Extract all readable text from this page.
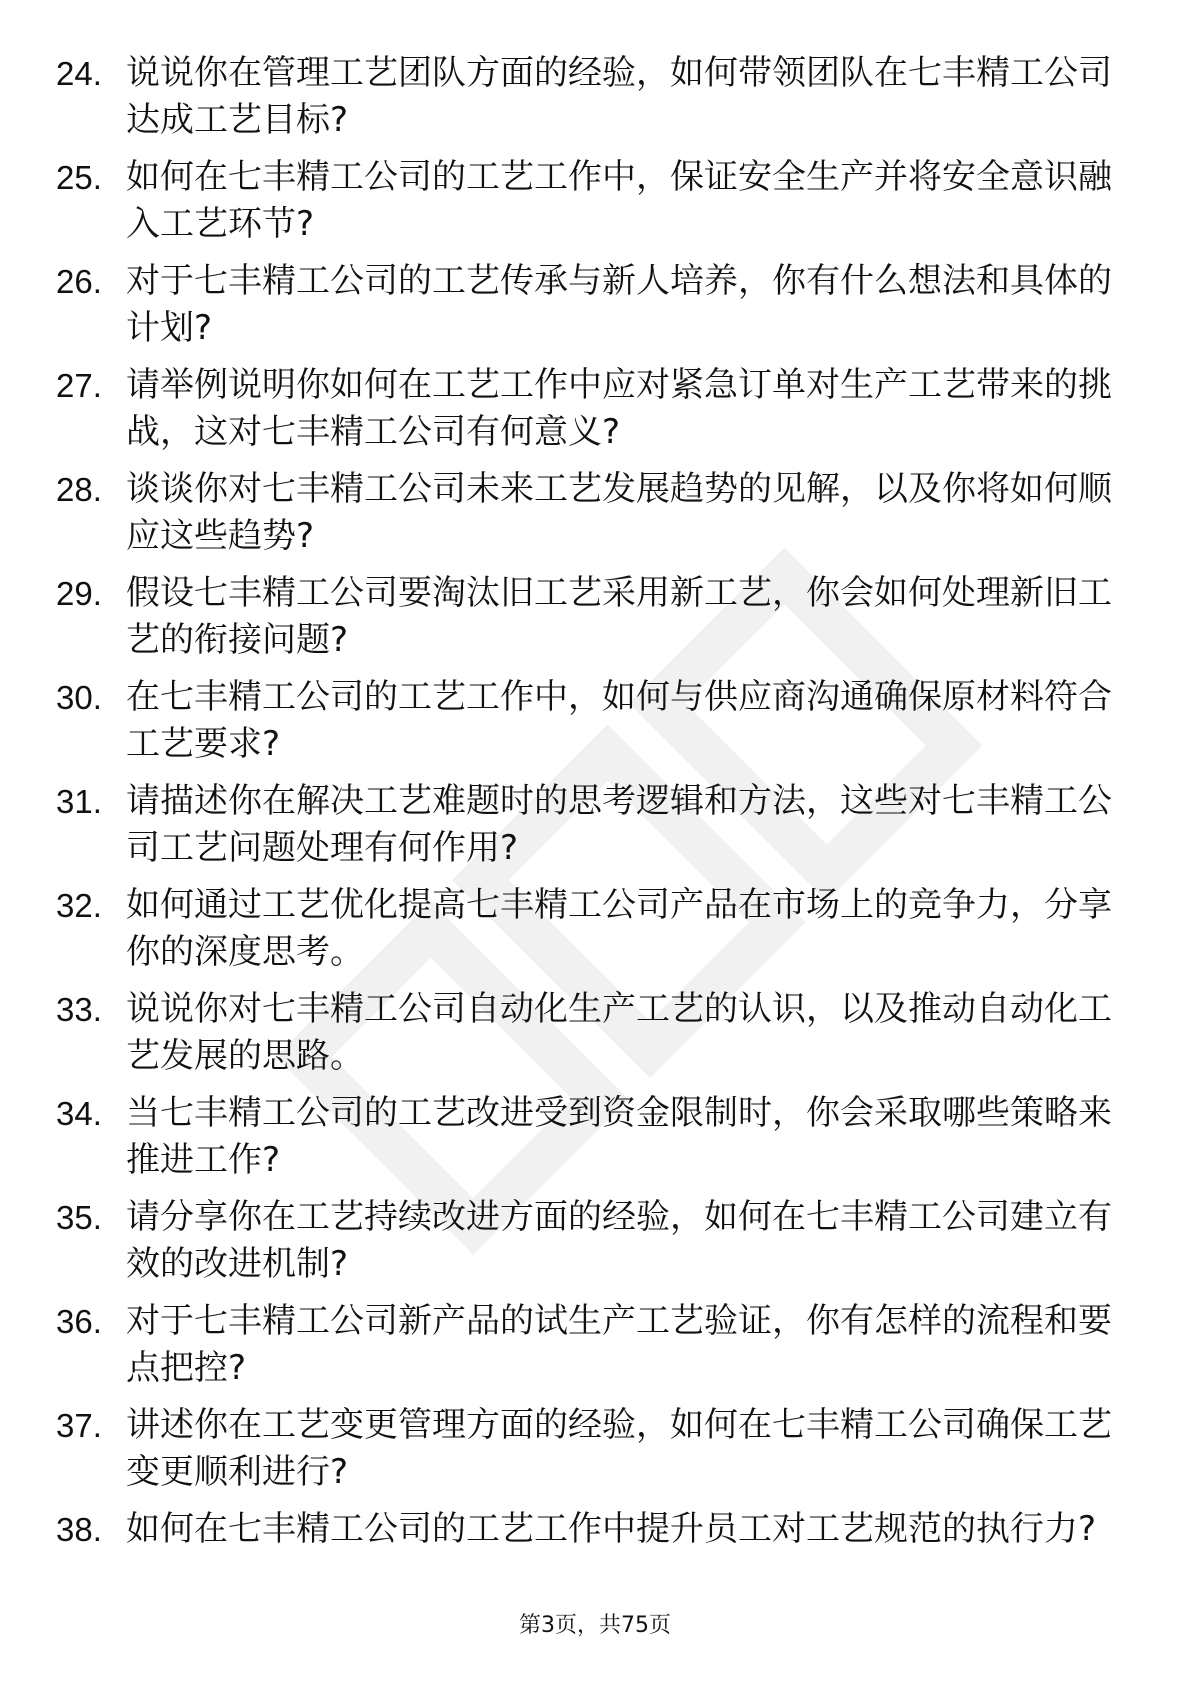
24. 说说你在管理工艺团队方面的经验，如何带领团队在七丰精工公司达成工艺目标?
25. 如何在七丰精工公司的工艺工作中，保证安全生产并将安全意识融入工艺环节?
26. 对于七丰精工公司的工艺传承与新人培养，你有什么想法和具体的计划?
27. 请举例说明你如何在工艺工作中应对紧急订单对生产工艺带来的挑战，这对七丰精工公司有何意义?
28. 谈谈你对七丰精工公司未来工艺发展趋势的见解，以及你将如何顺应这些趋势?
29. 假设七丰精工公司要淘汰旧工艺采用新工艺，你会如何处理新旧工艺的衔接问题?
30. 在七丰精工公司的工艺工作中，如何与供应商沟通确保原材料符合工艺要求?
31. 请描述你在解决工艺难题时的思考逻辑和方法，这些对七丰精工公司工艺问题处理有何作用?
32. 如何通过工艺优化提高七丰精工公司产品在市场上的竞争力，分享你的深度思考。
33. 说说你对七丰精工公司自动化生产工艺的认识，以及推动自动化工艺发展的思路。
34. 当七丰精工公司的工艺改进受到资金限制时，你会采取哪些策略来推进工作?
35. 请分享你在工艺持续改进方面的经验，如何在七丰精工公司建立有效的改进机制?
36. 对于七丰精工公司新产品的试生产工艺验证，你有怎样的流程和要点把控?
37. 讲述你在工艺变更管理方面的经验，如何在七丰精工公司确保工艺变更顺利进行?
38. 如何在七丰精工公司的工艺工作中提升员工对工艺规范的执行力?
第3页，共75页
